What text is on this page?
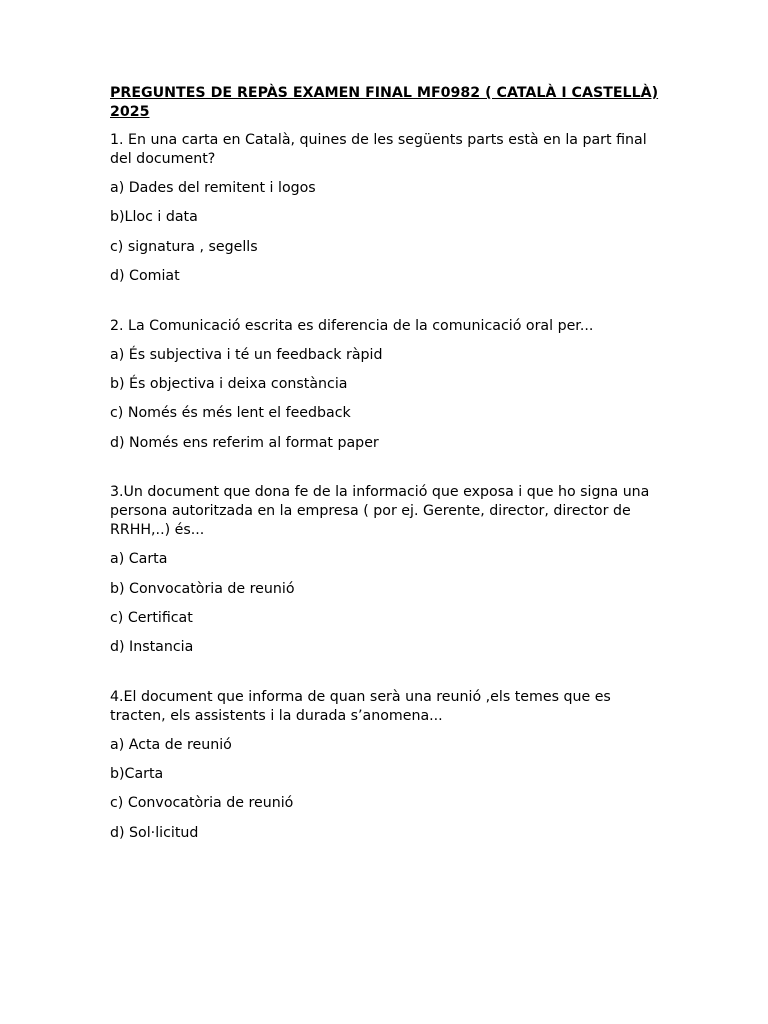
PREGUNTES DE REPÀS EXAMEN FINAL MF0982 ( CATALÀ I CASTELLÀ) 2025
1. En una carta en Català, quines de les següents parts està en la part final del document?
a) Dades del remitent i logos
b)Lloc i data
c) signatura , segells
d) Comiat
2. La Comunicació escrita es diferencia de la comunicació oral per...
a) És subjectiva i té un feedback ràpid
b) És objectiva i deixa constància
c) Només és més lent el feedback
d) Només ens referim al format paper
3.Un document que dona fe de la informació que exposa i que ho signa una persona autoritzada en la empresa ( por ej. Gerente, director, director de RRHH,..) és...
a) Carta
b) Convocatòria de reunió
c) Certificat
d) Instancia
4.El document que informa de quan serà una reunió ,els temes que es tracten, els assistents i la durada s’anomena...
a) Acta de reunió
b)Carta
c) Convocatòria de reunió
d) Sol·licitud
